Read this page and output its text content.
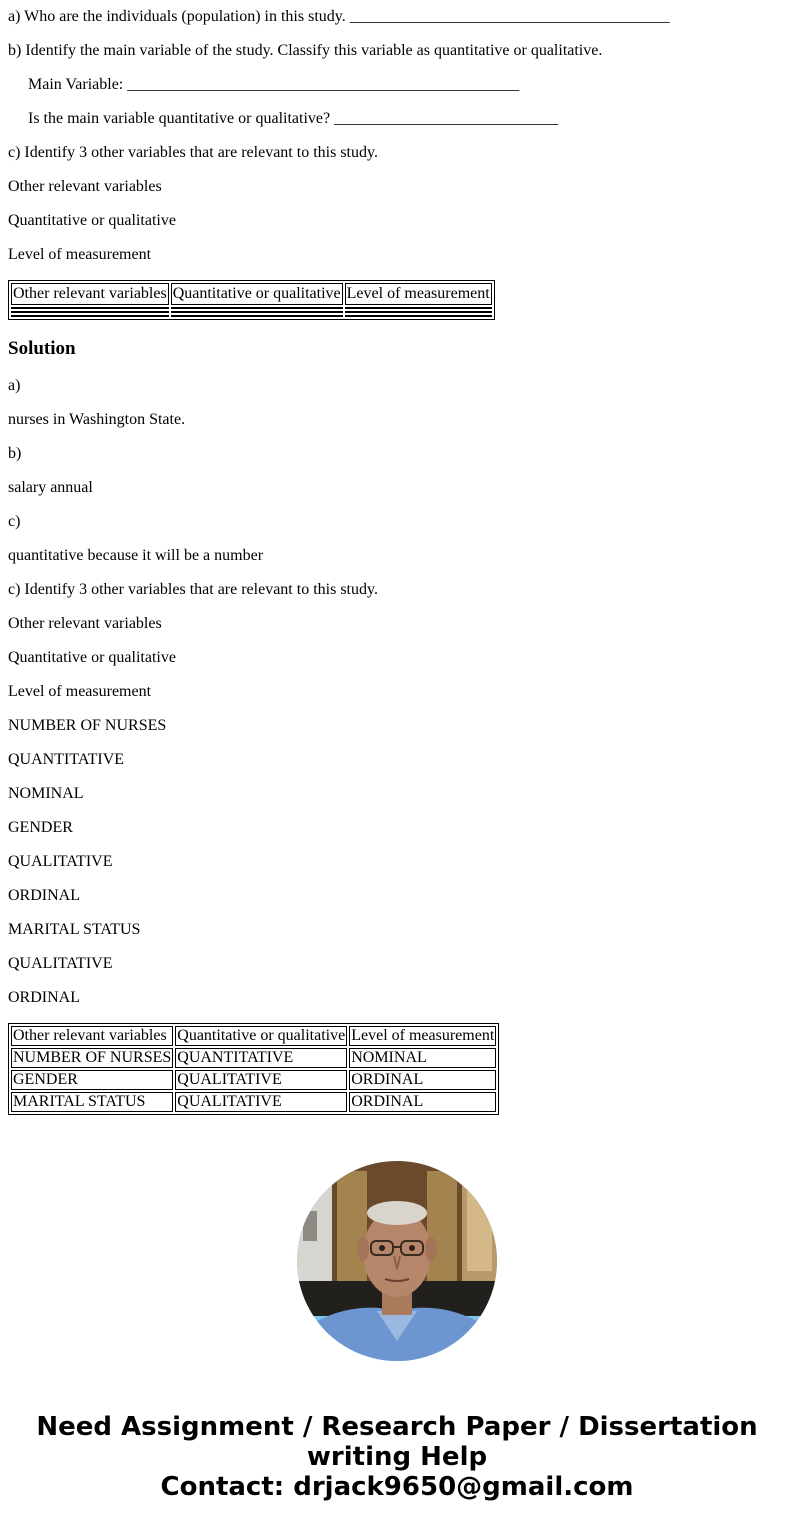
a) Who are the individuals (population) in this study. ________________________________________

b) Identify the main variable of the study. Classify this variable as quantitative or qualitative.

Main Variable: _________________________________________________

Is the main variable quantitative or qualitative? ____________________________

c) Identify 3 other variables that are relevant to this study.

Other relevant variables

Quantitative or qualitative

Level of measurement

Other relevant variables	Quantitative or qualitative	Level of measurement

Solution

a)

nurses in Washington State.

b)

salary annual

c)

quantitative because it will be a number

c) Identify 3 other variables that are relevant to this study.

Other relevant variables

Quantitative or qualitative

Level of measurement

NUMBER OF NURSES

QUANTITATIVE

NOMINAL

GENDER

QUALITATIVE

ORDINAL

MARITAL STATUS

QUALITATIVE

ORDINAL

Other relevant variables	Quantitative or qualitative	Level of measurement
NUMBER OF NURSES	QUANTITATIVE	NOMINAL
GENDER	QUALITATIVE	ORDINAL
MARITAL STATUS	QUALITATIVE	ORDINAL
Need Assignment / Research Paper / Dissertation
writing Help
Contact: drjack9650@gmail.com
